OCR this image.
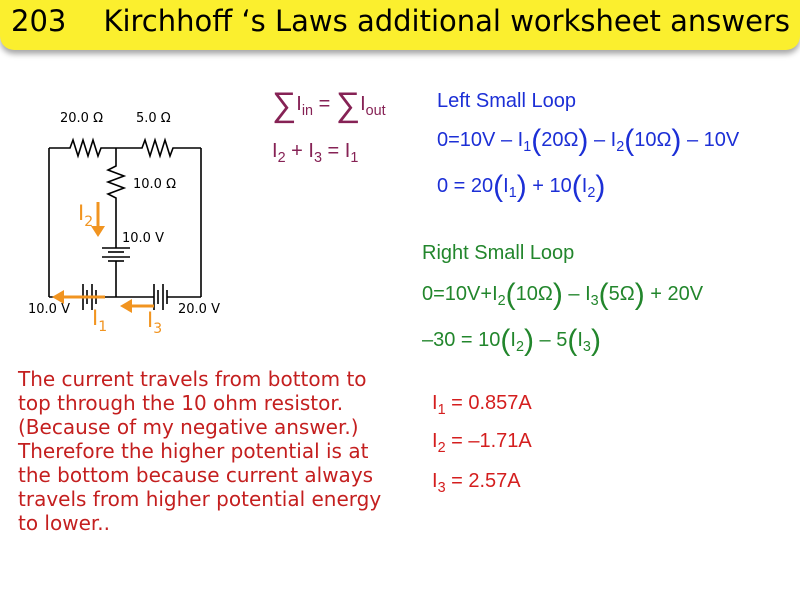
203 Kirchhoff ‘s Laws additional worksheet answers
20.0 Ω	5.0 Ω
10.0 Ω
10.0 V
10.0 V	20.0 V
$I_2$
$I_1$ $I_3$
$\sum I_{in} = \sum I_{out}$
$I_2 + I_3 = I_1$
Left Small Loop
$0=10V - I_1(20\Omega) - I_2(10\Omega) - 10V$
$0 = 20(I_1) + 10(I_2)$
Right Small Loop
$0=10V+I_2(10\Omega) - I_3(5\Omega) + 20V$
$-30 = 10(I_2) - 5(I_3)$
The current travels from bottom to
top through the 10 ohm resistor.
(Because of my negative answer.)
Therefore the higher potential is at
the bottom because current always
travels from higher potential energy
to lower..
$I_1 = 0.857A$
$I_2 = -1.71A$
$I_3 = 2.57A$
